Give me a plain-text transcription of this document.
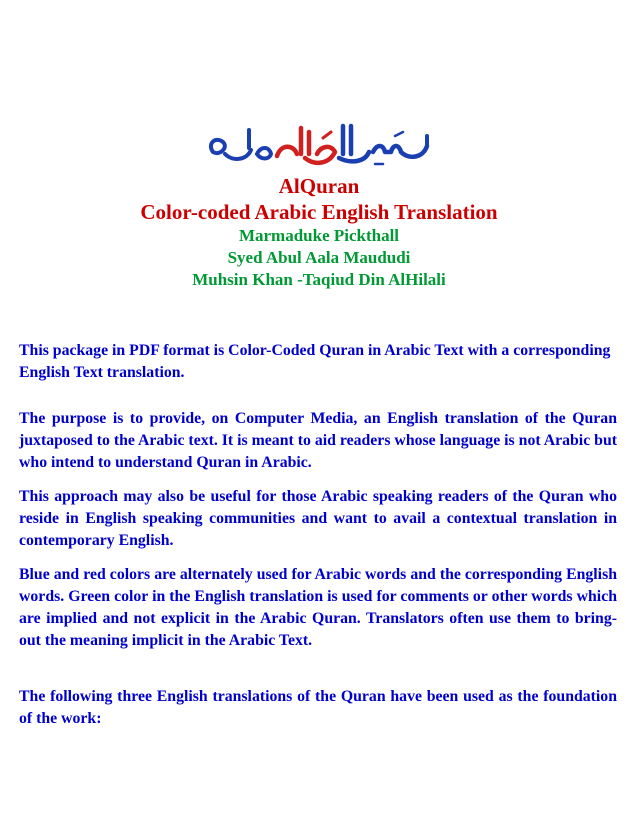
AlQuran
Color-coded Arabic English Translation
Marmaduke Pickthall
Syed Abul Aala Maududi
Muhsin Khan -Taqiud Din AlHilali

This package in PDF format is Color-Coded Quran in Arabic Text with a corresponding English Text translation.

The purpose is to provide, on Computer Media, an English translation of the Quran juxtaposed to the Arabic text. It is meant to aid readers whose language is not Arabic but who intend to understand Quran in Arabic.

This approach may also be useful for those Arabic speaking readers of the Quran who reside in English speaking communities and want to avail a contextual translation in contemporary English.

Blue and red colors are alternately used for Arabic words and the corresponding English words. Green color in the English translation is used for comments or other words which are implied and not explicit in the Arabic Quran. Translators often use them to bring-out the meaning implicit in the Arabic Text.

The following three English translations of the Quran have been used as the foundation of the work:
